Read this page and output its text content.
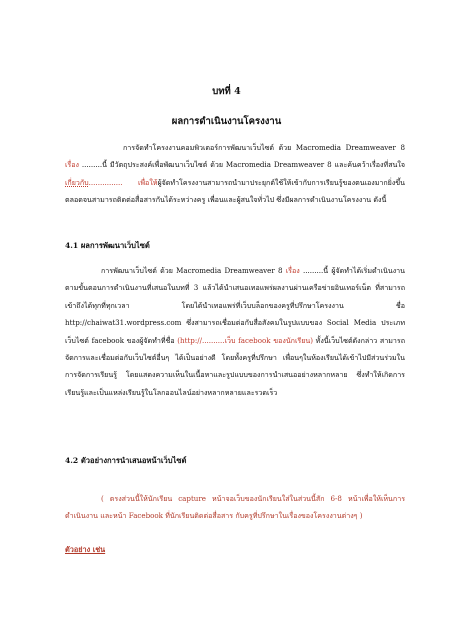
บทที่ 4
ผลการดำเนินงานโครงงาน

การจัดทำโครงงานคอมพิวเตอร์การพัฒนาเว็บไซต์ ด้วย Macromedia Dreamweaver 8 เรื่อง .........นี้ มีวัตถุประสงค์เพื่อพัฒนาเว็บไซต์ ด้วย Macromedia Dreamweaver 8 และค้นคว้าเรื่องที่สนใจเกี่ยวกับ............... เพื่อให้ผู้จัดทำโครงงานสามารถนำมาประยุกต์ใช้ให้เข้ากับการเรียนรู้ของตนเองมากยิ่งขึ้น ตลอดจนสามารถติดต่อสื่อสารกันได้ระหว่างครู เพื่อนและผู้สนใจทั่วไป ซึ่งมีผลการดำเนินงานโครงงาน ดังนี้

4.1 ผลการพัฒนาเว็บไซต์

การพัฒนาเว็บไซต์ ด้วย Macromedia Dreamweaver 8 เรื่อง .........นี้ ผู้จัดทำได้เริ่มดำเนินงานตามขั้นตอนการดำเนินงานที่เสนอในบทที่ 3 แล้วได้นำเสนอเทอแพร่ผลงานผ่านเครือข่ายอินเทอร์เน็ต ที่สามารถเข้าถึงได้ทุกที่ทุกเวลา โดยได้นำเทอแพร่ที่เว็บบล็อกของครูที่ปรึกษาโครงงาน ชื่อ http://chaiwat31.wordpress.com ซึ่งสามารถเชื่อมต่อกับสื่อสังคมในรูปแบบของ Social Media ประเภทเว็บไซต์ facebook ของผู้จัดทำที่ชื่อ (http://..........เว็บ facebook ของนักเรียน) ทั้งนี้เว็บไซต์ดังกล่าว สามารถจัดการและเชื่อมต่อกับเว็บไซต์อื่นๆ ได้เป็นอย่างดี โดยทั้งครูที่ปรึกษา เพื่อนๆในห้องเรียนได้เข้าไปมีส่วนร่วมในการจัดการเรียนรู้ โดยแสดงความเห็นในเนื้อหาและรูปแบบของการนำเสนออย่างหลากหลาย ซึ่งทำให้เกิดการเรียนรู้และเป็นแหล่งเรียนรู้ในโลกออนไลน์อย่างหลากหลายและรวดเร็ว

4.2 ตัวอย่างการนำเสนอหน้าเว็บไซต์

( ตรงส่วนนี้ให้นักเรียน capture หน้าจอเว็บของนักเรียนใส่ในส่วนนี้สัก 6-8 หน้าเพื่อให้เห็นการดำเนินงาน และหน้า Facebook ที่นักเรียนติดต่อสื่อสาร กับครูที่ปรึกษาในเรื่องของโครงงานต่างๆ )

ตัวอย่าง เช่น
